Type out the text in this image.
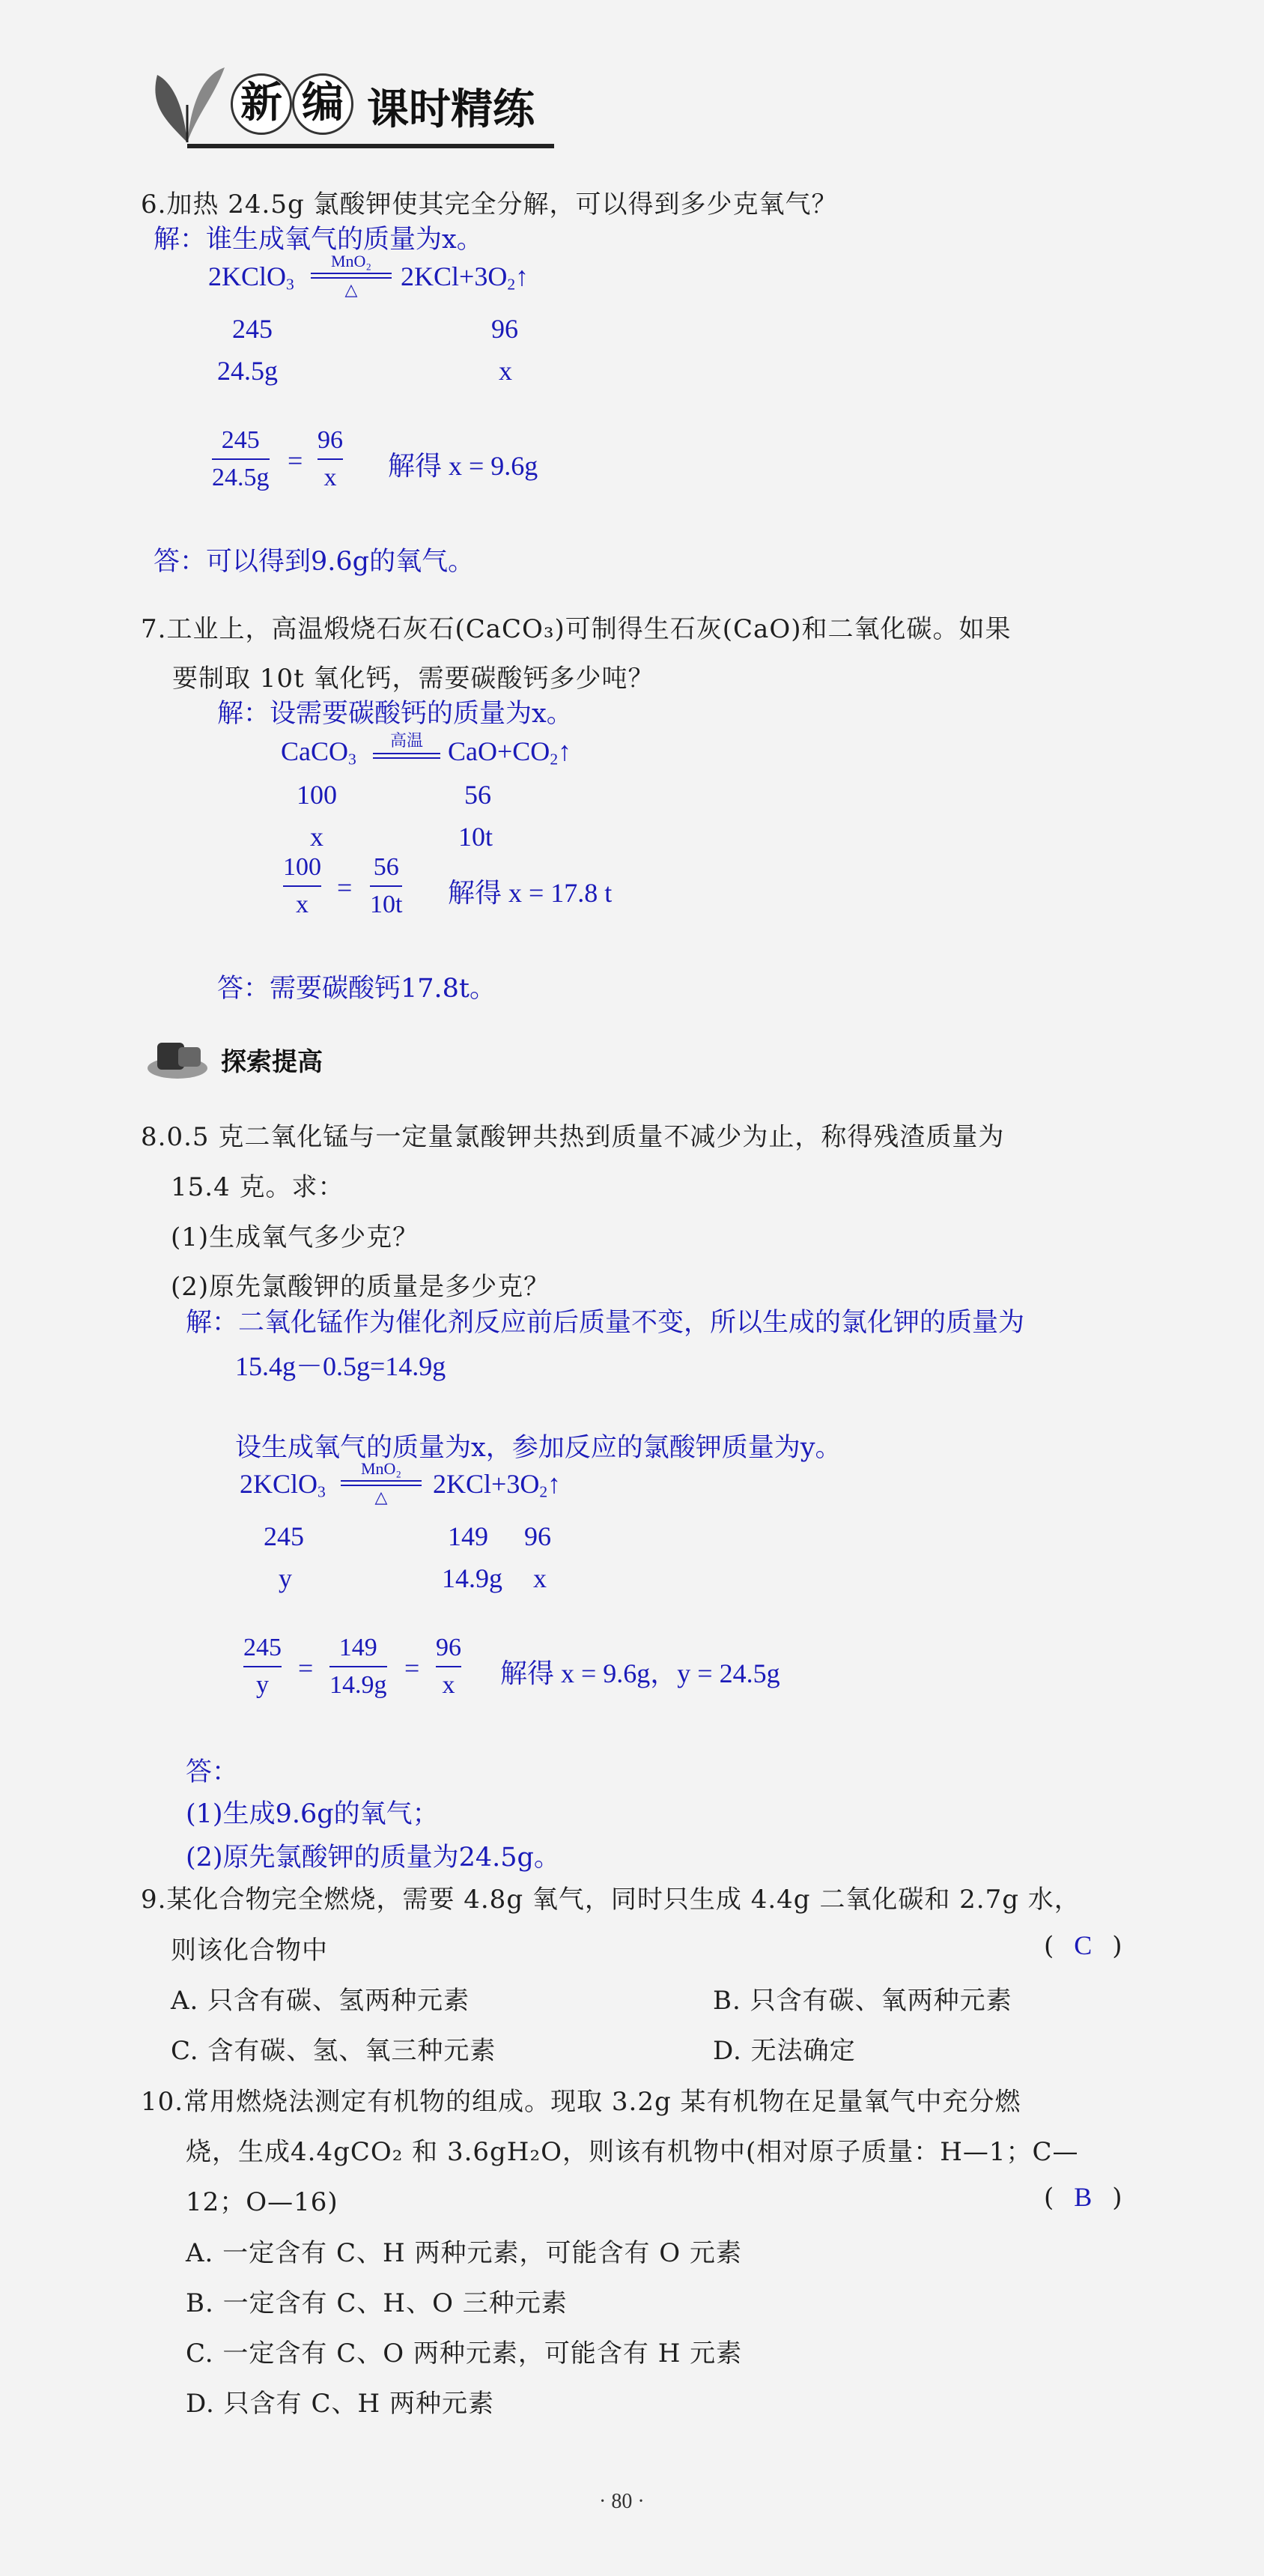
新 编 课时精练
6.加热 24.5g 氯酸钾使其完全分解，可以得到多少克氧气？
解：谁生成氧气的质量为x。
2KClO$_3$
MnO₂
△	$2KCl+3O_2↑$
245	96
24.5g	x
245
24.5g
=
96
x 解得 x = 9.6g
答：可以得到9.6g的氧气。
7.工业上，高温煅烧石灰石(CaCO₃)可制得生石灰(CaO)和二氧化碳。如果
要制取 10t 氧化钙，需要碳酸钙多少吨？
解：设需要碳酸钙的质量为x。
CaCO$_3$
高温 $CaO+CO_2↑$
100	56
x	10t
100
x
=
56
10t 解得 x = 17.8 t
答：需要碳酸钙17.8t。
探索提高
8.0.5 克二氧化锰与一定量氯酸钾共热到质量不减少为止，称得残渣质量为
15.4 克。求：
(1)生成氧气多少克？
(2)原先氯酸钾的质量是多少克？
解：二氧化锰作为催化剂反应前后质量不变，所以生成的氯化钾的质量为
15.4g－0.5g=14.9g
设生成氧气的质量为x，参加反应的氯酸钾质量为y。
2KClO$_3$
MnO₂
△	$2KCl+3O_2↑$
245	149 96
y	14.9g x
245
y
=
149
14.9g
=
96
x 解得 x = 9.6g，y = 24.5g
答：
(1)生成9.6g的氧气；
(2)原先氯酸钾的质量为24.5g。
9.某化合物完全燃烧，需要 4.8g 氧气，同时只生成 4.4g 二氧化碳和 2.7g 水，
则该化合物中	( C )
A. 只含有碳、氢两种元素	B. 只含有碳、氧两种元素
C. 含有碳、氢、氧三种元素	D. 无法确定
10.常用燃烧法测定有机物的组成。现取 3.2g 某有机物在足量氧气中充分燃
烧，生成4.4gCO₂ 和 3.6gH₂O，则该有机物中(相对原子质量：H—1；C—
12；O—16)	( B )
A. 一定含有 C、H 两种元素，可能含有 O 元素
B. 一定含有 C、H、O 三种元素
C. 一定含有 C、O 两种元素，可能含有 H 元素
D. 只含有 C、H 两种元素
· 80 ·
